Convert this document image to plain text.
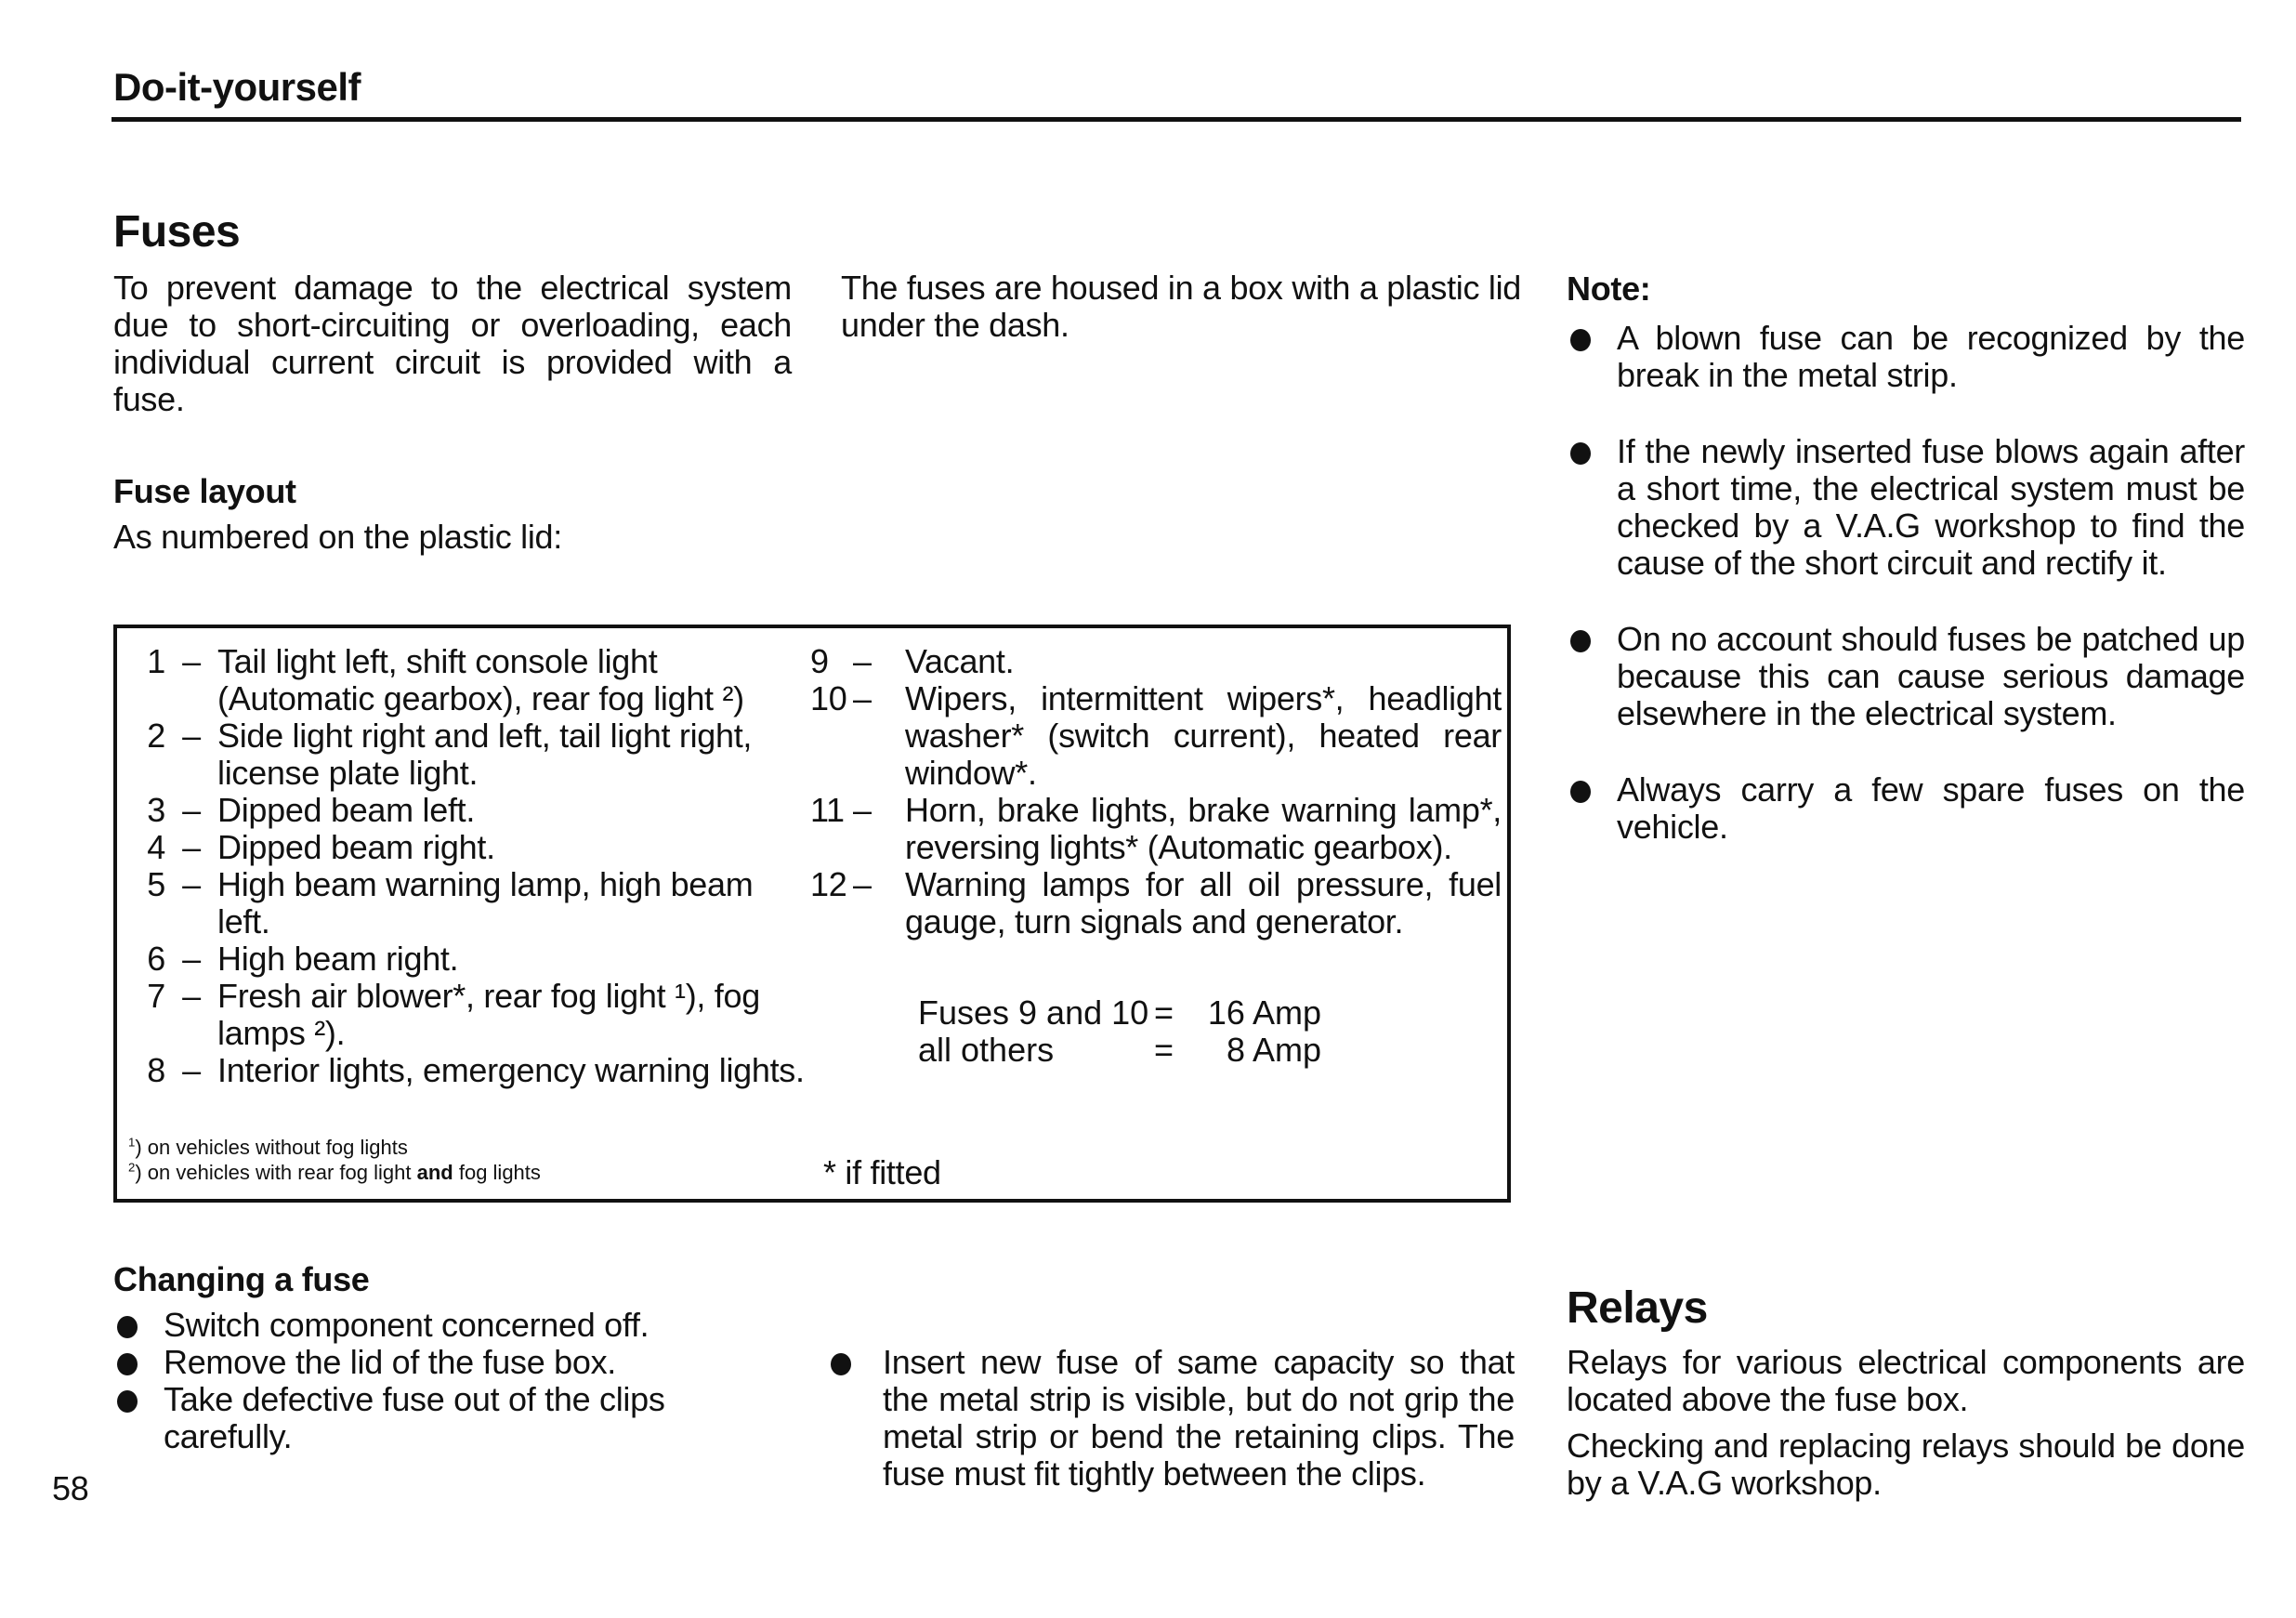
Do-it-yourself
Fuses
To prevent damage to the electrical system due to short-circuiting or overloading, each individual current circuit is provided with a fuse.
The fuses are housed in a box with a plastic lid under the dash.
Fuse layout
As numbered on the plastic lid:
1 – Tail light left, shift console light (Automatic gearbox), rear fog light ²)
2 – Side light right and left, tail light right, license plate light.
3 – Dipped beam left.
4 – Dipped beam right.
5 – High beam warning lamp, high beam left.
6 – High beam right.
7 – Fresh air blower*, rear fog light ¹), fog lamps ²).
8 – Interior lights, emergency warning lights.
$^1$) on vehicles without fog lights
$^2$) on vehicles with rear fog light and fog lights
9 –	Vacant.
10 –	Wipers, intermittent wipers*, headlight washer* (switch current), heated rear window*.
11 –	Horn, brake lights, brake warning lamp*, reversing lights* (Automatic gearbox).
12 –	Warning lamps for all oil pressure, fuel gauge, turn signals and generator.
Fuses 9 and 10	=	16 Amp
all others	=	8 Amp
* if fitted
Note:
A blown fuse can be recognized by the break in the metal strip.
If the newly inserted fuse blows again after a short time, the electrical system must be checked by a V.A.G workshop to find the cause of the short circuit and rectify it.
On no account should fuses be patched up because this can cause serious damage elsewhere in the electrical system.
Always carry a few spare fuses on the vehicle.
Changing a fuse
Switch component concerned off.
Remove the lid of the fuse box.
Take defective fuse out of the clips carefully.
Insert new fuse of same capacity so that the metal strip is visible, but do not grip the metal strip or bend the retaining clips. The fuse must fit tightly between the clips.
Relays
Relays for various electrical components are located above the fuse box.
Checking and replacing relays should be done by a V.A.G workshop.
58
